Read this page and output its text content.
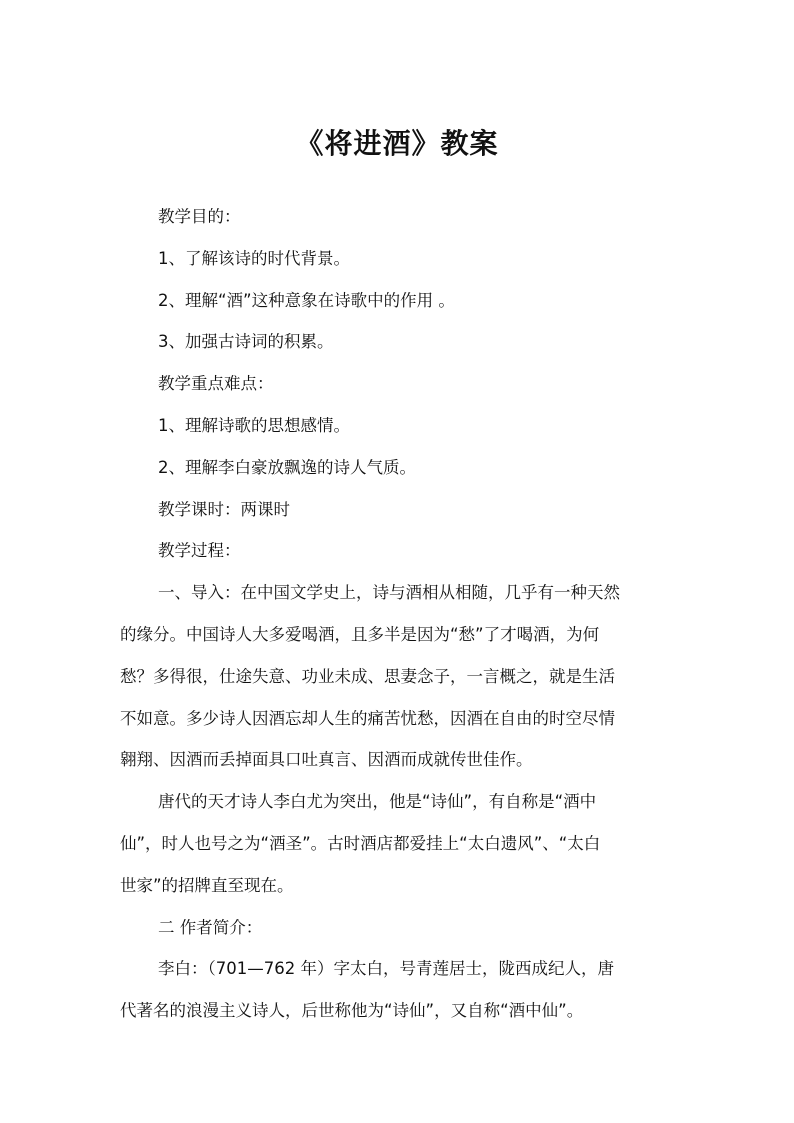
《将进酒》教案

教学目的：

1、了解该诗的时代背景。

2、理解“酒”这种意象在诗歌中的作用 。

3、加强古诗词的积累。

教学重点难点：

1、理解诗歌的思想感情。

2、理解李白豪放飘逸的诗人气质。

教学课时：两课时

教学过程：

一、导入：在中国文学史上，诗与酒相从相随，几乎有一种天然

的缘分。中国诗人大多爱喝酒，且多半是因为“愁”了才喝酒，为何

愁？多得很，仕途失意、功业未成、思妻念子，一言概之，就是生活

不如意。多少诗人因酒忘却人生的痛苦忧愁，因酒在自由的时空尽情

翱翔、因酒而丢掉面具口吐真言、因酒而成就传世佳作。

唐代的天才诗人李白尤为突出，他是“诗仙”，有自称是“酒中

仙”，时人也号之为“酒圣”。古时酒店都爱挂上“太白遗风”、“太白

世家”的招牌直至现在。

二 作者简介：

李白：（701—762 年）字太白，号青莲居士，陇西成纪人，唐

代著名的浪漫主义诗人，后世称他为“诗仙”，又自称“酒中仙”。
